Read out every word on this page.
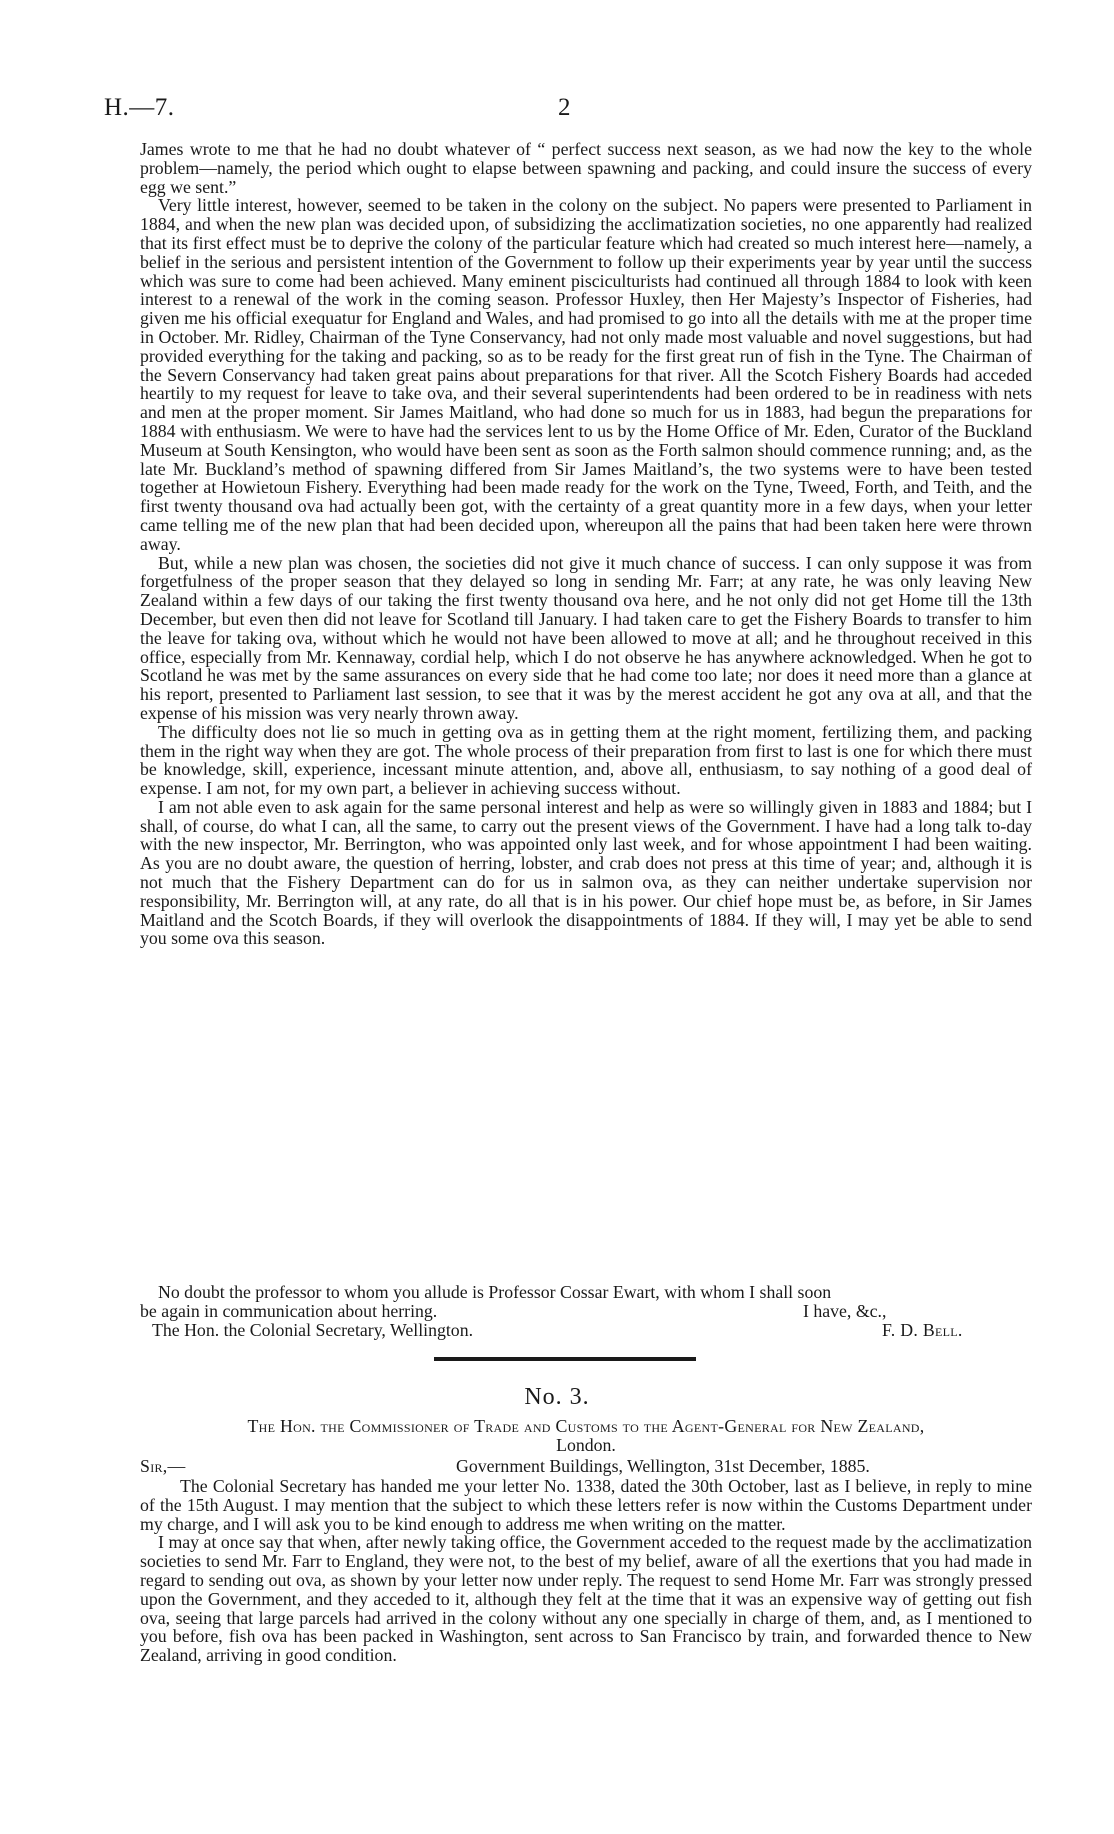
H.—7.	2

James wrote to me that he had no doubt whatever of “ perfect success next season, as we had now the key to the whole problem—namely, the period which ought to elapse between spawning and packing, and could insure the success of every egg we sent.”

Very little interest, however, seemed to be taken in the colony on the subject. No papers were presented to Parliament in 1884, and when the new plan was decided upon, of subsidizing the acclimatization societies, no one apparently had realized that its first effect must be to deprive the colony of the particular feature which had created so much interest here—namely, a belief in the serious and persistent intention of the Government to follow up their experiments year by year until the success which was sure to come had been achieved. Many eminent pisciculturists had continued all through 1884 to look with keen interest to a renewal of the work in the coming season. Professor Huxley, then Her Majesty’s Inspector of Fisheries, had given me his official exequatur for England and Wales, and had promised to go into all the details with me at the proper time in October. Mr. Ridley, Chairman of the Tyne Conservancy, had not only made most valuable and novel suggestions, but had provided everything for the taking and packing, so as to be ready for the first great run of fish in the Tyne. The Chairman of the Severn Conservancy had taken great pains about preparations for that river. All the Scotch Fishery Boards had acceded heartily to my request for leave to take ova, and their several superintendents had been ordered to be in readiness with nets and men at the proper moment. Sir James Maitland, who had done so much for us in 1883, had begun the preparations for 1884 with enthusiasm. We were to have had the services lent to us by the Home Office of Mr. Eden, Curator of the Buckland Museum at South Kensington, who would have been sent as soon as the Forth salmon should commence running; and, as the late Mr. Buckland’s method of spawning differed from Sir James Maitland’s, the two systems were to have been tested together at Howietoun Fishery. Everything had been made ready for the work on the Tyne, Tweed, Forth, and Teith, and the first twenty thousand ova had actually been got, with the certainty of a great quantity more in a few days, when your letter came telling me of the new plan that had been decided upon, whereupon all the pains that had been taken here were thrown away.

But, while a new plan was chosen, the societies did not give it much chance of success. I can only suppose it was from forgetfulness of the proper season that they delayed so long in sending Mr. Farr; at any rate, he was only leaving New Zealand within a few days of our taking the first twenty thousand ova here, and he not only did not get Home till the 13th December, but even then did not leave for Scotland till January. I had taken care to get the Fishery Boards to transfer to him the leave for taking ova, without which he would not have been allowed to move at all; and he throughout received in this office, especially from Mr. Kennaway, cordial help, which I do not observe he has anywhere acknowledged. When he got to Scotland he was met by the same assurances on every side that he had come too late; nor does it need more than a glance at his report, presented to Parliament last session, to see that it was by the merest accident he got any ova at all, and that the expense of his mission was very nearly thrown away.

The difficulty does not lie so much in getting ova as in getting them at the right moment, fertilizing them, and packing them in the right way when they are got. The whole process of their preparation from first to last is one for which there must be knowledge, skill, experience, incessant minute attention, and, above all, enthusiasm, to say nothing of a good deal of expense. I am not, for my own part, a believer in achieving success without.

I am not able even to ask again for the same personal interest and help as were so willingly given in 1883 and 1884; but I shall, of course, do what I can, all the same, to carry out the present views of the Government. I have had a long talk to-day with the new inspector, Mr. Berrington, who was appointed only last week, and for whose appointment I had been waiting. As you are no doubt aware, the question of herring, lobster, and crab does not press at this time of year; and, although it is not much that the Fishery Department can do for us in salmon ova, as they can neither undertake supervision nor responsibility, Mr. Berrington will, at any rate, do all that is in his power. Our chief hope must be, as before, in Sir James Maitland and the Scotch Boards, if they will overlook the disappointments of 1884. If they will, I may yet be able to send you some ova this season.

No doubt the professor to whom you allude is Professor Cossar Ewart, with whom I shall soon
be again in communication about herring.	I have, &c.,
The Hon. the Colonial Secretary, Wellington.	F. D. Bell.
No. 3.
The Hon. the Commissioner of Trade and Customs to the Agent-General for New Zealand,
London.
Sir,—	Government Buildings, Wellington, 31st December, 1885.

The Colonial Secretary has handed me your letter No. 1338, dated the 30th October, last as I believe, in reply to mine of the 15th August. I may mention that the subject to which these letters refer is now within the Customs Department under my charge, and I will ask you to be kind enough to address me when writing on the matter.

I may at once say that when, after newly taking office, the Government acceded to the request made by the acclimatization societies to send Mr. Farr to England, they were not, to the best of my belief, aware of all the exertions that you had made in regard to sending out ova, as shown by your letter now under reply. The request to send Home Mr. Farr was strongly pressed upon the Government, and they acceded to it, although they felt at the time that it was an expensive way of getting out fish ova, seeing that large parcels had arrived in the colony without any one specially in charge of them, and, as I mentioned to you before, fish ova has been packed in Washington, sent across to San Francisco by train, and forwarded thence to New Zealand, arriving in good condition.
